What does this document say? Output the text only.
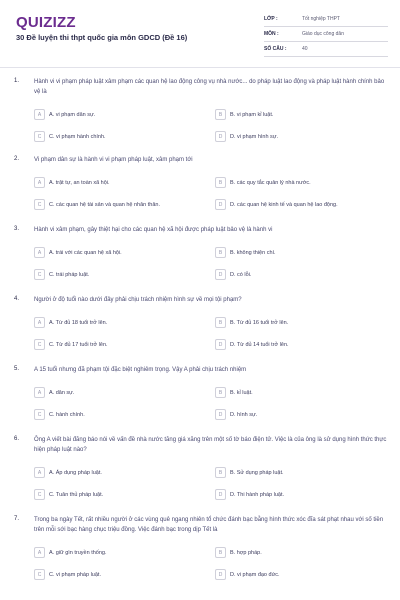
QUIZIZZ
30 Đề luyện thi thpt quốc gia môn GDCD (Đề 16)
LỚP :	Tốt nghiệp THPT
MÔN :	Giáo dục công dân
SỐ CÂU :	40
1. Hành vi vi phạm pháp luật xâm phạm các quan hệ lao động công vụ nhà nước... do pháp luật lao động và pháp luật hành chính bảo vệ là
A	A. vi phạm dân sự.	B	B. vi phạm kỉ luật.
C	C. vi phạm hành chính.	D	D. vi phạm hình sự.
2. Vi phạm dân sự là hành vi vi phạm pháp luật, xâm phạm tới
A	A. trật tự, an toàn xã hội.	B	B. các quy tắc quản lý nhà nước.
C	C. các quan hệ tài sản và quan hệ nhân thân.	D	D. các quan hệ kinh tế và quan hệ lao động.
3. Hành vi xâm phạm, gây thiệt hại cho các quan hệ xã hội được pháp luật bảo vệ là hành vi
A	A. trái với các quan hệ xã hội.	B	B. không thiện chí.
C	C. trái pháp luật.	D	D. có lỗi.
4. Người ở độ tuổi nào dưới đây phải chịu trách nhiệm hình sự về mọi tội phạm?
A	A. Từ đủ 18 tuổi trở lên.	B	B. Từ đủ 16 tuổi trở lên.
C	C. Từ đủ 17 tuổi trở lên.	D	D. Từ đủ 14 tuổi trở lên.
5. A 15 tuổi nhưng đã phạm tội đặc biệt nghiêm trọng. Vậy A phải chịu trách nhiệm
A	A. dân sự.	B	B. kỉ luật.
C	C. hành chính.	D	D. hình sự.
6. Ông A viết bài đăng báo nói về vấn đề nhà nước tăng giá xăng trên một số tờ báo điện tử. Việc là của ông là sử dụng hình thức thực hiện pháp luật nào?
A	A. Áp dụng pháp luật.	B	B. Sử dụng pháp luật.
C	C. Tuân thủ pháp luật.	D	D. Thi hành pháp luật.
7. Trong ba ngày Tết, rất nhiều người ở các vùng quê ngang nhiên tổ chức đánh bạc bằng hình thức xóc đĩa sát phạt nhau với số tiền trên mỗi sới bạc hàng chục triệu đồng. Việc đánh bạc trong dịp Tết là
A	A. giữ gìn truyền thống.	B	B. hợp pháp.
C	C. vi phạm pháp luật.	D	D. vi phạm đạo đức.
